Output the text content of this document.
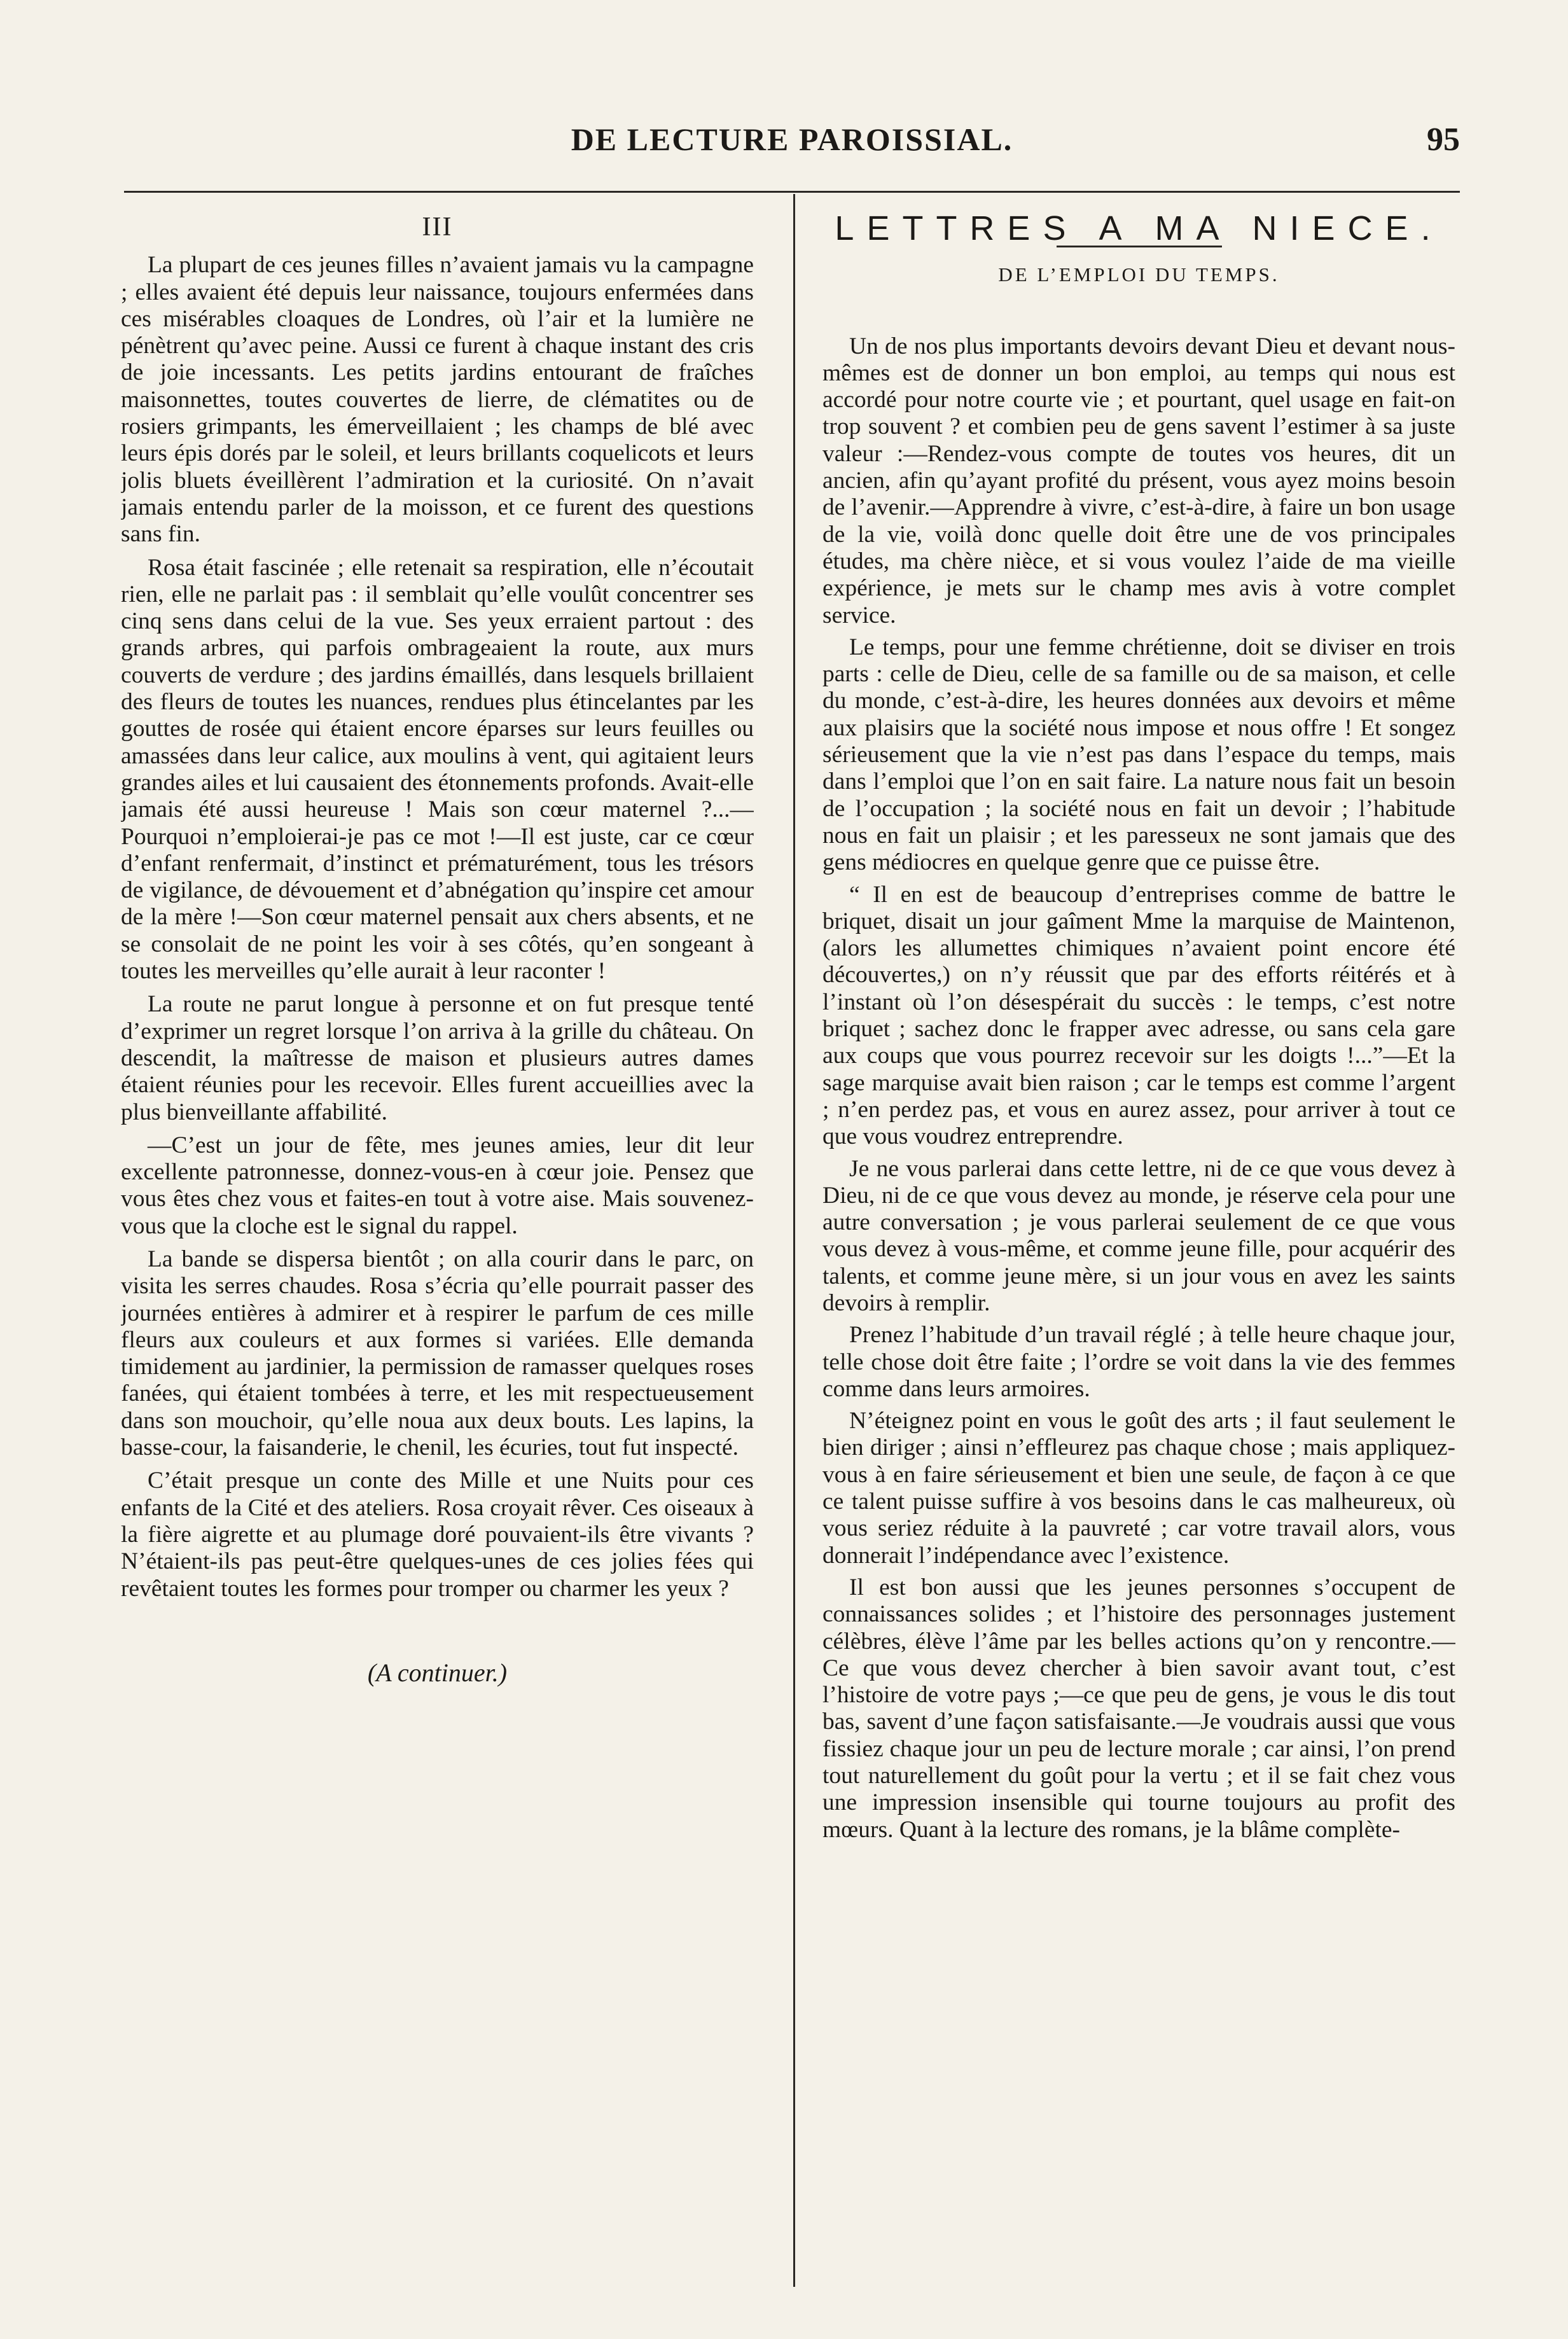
DE LECTURE PAROISSIAL.	95
III

La plupart de ces jeunes filles n’avaient jamais vu la campagne ; elles avaient été depuis leur naissance, toujours enfermées dans ces misérables cloaques de Londres, où l’air et la lumière ne pénètrent qu’avec peine. Aussi ce furent à chaque instant des cris de joie incessants. Les petits jardins entourant de fraîches maisonnettes, toutes couvertes de lierre, de clématites ou de rosiers grimpants, les émerveillaient ; les champs de blé avec leurs épis dorés par le soleil, et leurs brillants coquelicots et leurs jolis bluets éveillèrent l’admiration et la curiosité. On n’avait jamais entendu parler de la moisson, et ce furent des questions sans fin.

Rosa était fascinée ; elle retenait sa respiration, elle n’écoutait rien, elle ne parlait pas : il semblait qu’elle voulût concentrer ses cinq sens dans celui de la vue. Ses yeux erraient partout : des grands arbres, qui parfois ombrageaient la route, aux murs couverts de verdure ; des jardins émaillés, dans lesquels brillaient des fleurs de toutes les nuances, rendues plus étincelantes par les gouttes de rosée qui étaient encore éparses sur leurs feuilles ou amassées dans leur calice, aux moulins à vent, qui agitaient leurs grandes ailes et lui causaient des étonnements profonds. Avait-elle jamais été aussi heureuse ! Mais son cœur maternel ?...—Pourquoi n’emploierai-je pas ce mot !—Il est juste, car ce cœur d’enfant renfermait, d’instinct et prématurément, tous les trésors de vigilance, de dévouement et d’abnégation qu’inspire cet amour de la mère !—Son cœur maternel pensait aux chers absents, et ne se consolait de ne point les voir à ses côtés, qu’en songeant à toutes les merveilles qu’elle aurait à leur raconter !

La route ne parut longue à personne et on fut presque tenté d’exprimer un regret lorsque l’on arriva à la grille du château. On descendit, la maîtresse de maison et plusieurs autres dames étaient réunies pour les recevoir. Elles furent accueillies avec la plus bienveillante affabilité.

—C’est un jour de fête, mes jeunes amies, leur dit leur excellente patronnesse, donnez-vous-en à cœur joie. Pensez que vous êtes chez vous et faites-en tout à votre aise. Mais souvenez-vous que la cloche est le signal du rappel.

La bande se dispersa bientôt ; on alla courir dans le parc, on visita les serres chaudes. Rosa s’écria qu’elle pourrait passer des journées entières à admirer et à respirer le parfum de ces mille fleurs aux couleurs et aux formes si variées. Elle demanda timidement au jardinier, la permission de ramasser quelques roses fanées, qui étaient tombées à terre, et les mit respectueusement dans son mouchoir, qu’elle noua aux deux bouts. Les lapins, la basse-cour, la faisanderie, le chenil, les écuries, tout fut inspecté.

C’était presque un conte des Mille et une Nuits pour ces enfants de la Cité et des ateliers. Rosa croyait rêver. Ces oiseaux à la fière aigrette et au plumage doré pouvaient-ils être vivants ? N’étaient-ils pas peut-être quelques-unes de ces jolies fées qui revêtaient toutes les formes pour tromper ou charmer les yeux ?

(A continuer.)
LETTRES A MA NIECE.
DE L’EMPLOI DU TEMPS.

Un de nos plus importants devoirs devant Dieu et devant nous-mêmes est de donner un bon emploi, au temps qui nous est accordé pour notre courte vie ; et pourtant, quel usage en fait-on trop souvent ? et combien peu de gens savent l’estimer à sa juste valeur :—Rendez-vous compte de toutes vos heures, dit un ancien, afin qu’ayant profité du présent, vous ayez moins besoin de l’avenir.—Apprendre à vivre, c’est-à-dire, à faire un bon usage de la vie, voilà donc quelle doit être une de vos principales études, ma chère nièce, et si vous voulez l’aide de ma vieille expérience, je mets sur le champ mes avis à votre complet service.

Le temps, pour une femme chrétienne, doit se diviser en trois parts : celle de Dieu, celle de sa famille ou de sa maison, et celle du monde, c’est-à-dire, les heures données aux devoirs et même aux plaisirs que la société nous impose et nous offre ! Et songez sérieusement que la vie n’est pas dans l’espace du temps, mais dans l’emploi que l’on en sait faire. La nature nous fait un besoin de l’occupation ; la société nous en fait un devoir ; l’habitude nous en fait un plaisir ; et les paresseux ne sont jamais que des gens médiocres en quelque genre que ce puisse être.

“ Il en est de beaucoup d’entreprises comme de battre le briquet, disait un jour gaîment Mme la marquise de Maintenon, (alors les allumettes chimiques n’avaient point encore été découvertes,) on n’y réussit que par des efforts réitérés et à l’instant où l’on désespérait du succès : le temps, c’est notre briquet ; sachez donc le frapper avec adresse, ou sans cela gare aux coups que vous pourrez recevoir sur les doigts !...”—Et la sage marquise avait bien raison ; car le temps est comme l’argent ; n’en perdez pas, et vous en aurez assez, pour arriver à tout ce que vous voudrez entreprendre.

Je ne vous parlerai dans cette lettre, ni de ce que vous devez à Dieu, ni de ce que vous devez au monde, je réserve cela pour une autre conversation ; je vous parlerai seulement de ce que vous vous devez à vous-même, et comme jeune fille, pour acquérir des talents, et comme jeune mère, si un jour vous en avez les saints devoirs à remplir.

Prenez l’habitude d’un travail réglé ; à telle heure chaque jour, telle chose doit être faite ; l’ordre se voit dans la vie des femmes comme dans leurs armoires.

N’éteignez point en vous le goût des arts ; il faut seulement le bien diriger ; ainsi n’effleurez pas chaque chose ; mais appliquez-vous à en faire sérieusement et bien une seule, de façon à ce que ce talent puisse suffire à vos besoins dans le cas malheureux, où vous seriez réduite à la pauvreté ; car votre travail alors, vous donnerait l’indépendance avec l’existence.

Il est bon aussi que les jeunes personnes s’occupent de connaissances solides ; et l’histoire des personnages justement célèbres, élève l’âme par les belles actions qu’on y rencontre.—Ce que vous devez chercher à bien savoir avant tout, c’est l’histoire de votre pays ;—ce que peu de gens, je vous le dis tout bas, savent d’une façon satisfaisante.—Je voudrais aussi que vous fissiez chaque jour un peu de lecture morale ; car ainsi, l’on prend tout naturellement du goût pour la vertu ; et il se fait chez vous une impression insensible qui tourne toujours au profit des mœurs. Quant à la lecture des romans, je la blâme complète-
